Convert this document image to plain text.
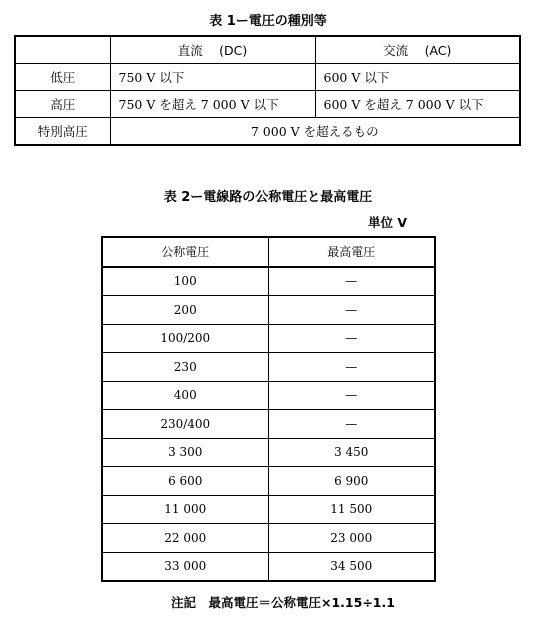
表 1ー電圧の種別等
	直流　 (DC)	交流　 (AC)
低圧	750 V 以下	600 V 以下
高圧	750 V を超え 7 000 V 以下	600 V を超え 7 000 V 以下
特別高圧	7 000 V を超えるもの	
表 2ー電線路の公称電圧と最高電圧
単位 V
公称電圧	最高電圧
100	—
200	—
100/200	—
230	—
400	—
230/400	—
3 300	3 450
6 600	6 900
11 000	11 500
22 000	23 000
33 000	34 500
注記　最高電圧＝公称電圧×1.15÷1.1
